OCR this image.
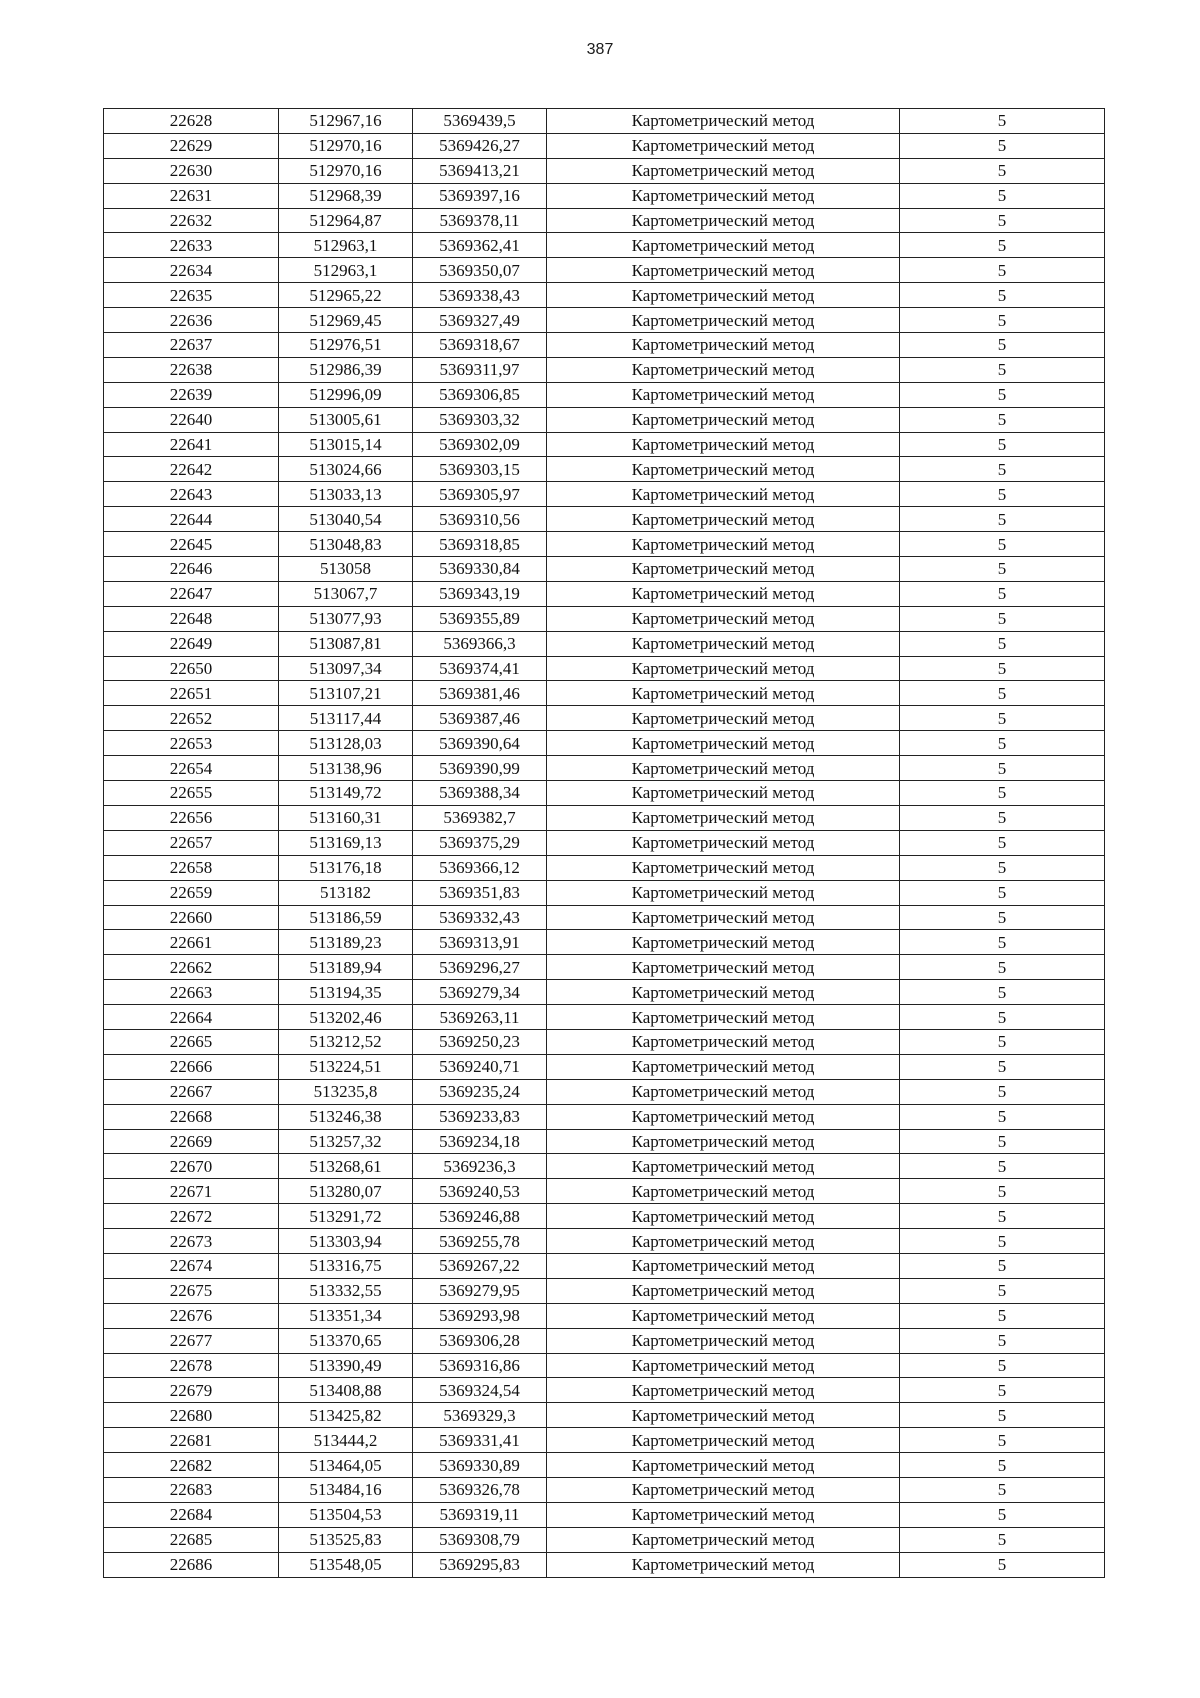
387
22628	512967,16	5369439,5	Картометрический метод	5
22629	512970,16	5369426,27	Картометрический метод	5
22630	512970,16	5369413,21	Картометрический метод	5
22631	512968,39	5369397,16	Картометрический метод	5
22632	512964,87	5369378,11	Картометрический метод	5
22633	512963,1	5369362,41	Картометрический метод	5
22634	512963,1	5369350,07	Картометрический метод	5
22635	512965,22	5369338,43	Картометрический метод	5
22636	512969,45	5369327,49	Картометрический метод	5
22637	512976,51	5369318,67	Картометрический метод	5
22638	512986,39	5369311,97	Картометрический метод	5
22639	512996,09	5369306,85	Картометрический метод	5
22640	513005,61	5369303,32	Картометрический метод	5
22641	513015,14	5369302,09	Картометрический метод	5
22642	513024,66	5369303,15	Картометрический метод	5
22643	513033,13	5369305,97	Картометрический метод	5
22644	513040,54	5369310,56	Картометрический метод	5
22645	513048,83	5369318,85	Картометрический метод	5
22646	513058	5369330,84	Картометрический метод	5
22647	513067,7	5369343,19	Картометрический метод	5
22648	513077,93	5369355,89	Картометрический метод	5
22649	513087,81	5369366,3	Картометрический метод	5
22650	513097,34	5369374,41	Картометрический метод	5
22651	513107,21	5369381,46	Картометрический метод	5
22652	513117,44	5369387,46	Картометрический метод	5
22653	513128,03	5369390,64	Картометрический метод	5
22654	513138,96	5369390,99	Картометрический метод	5
22655	513149,72	5369388,34	Картометрический метод	5
22656	513160,31	5369382,7	Картометрический метод	5
22657	513169,13	5369375,29	Картометрический метод	5
22658	513176,18	5369366,12	Картометрический метод	5
22659	513182	5369351,83	Картометрический метод	5
22660	513186,59	5369332,43	Картометрический метод	5
22661	513189,23	5369313,91	Картометрический метод	5
22662	513189,94	5369296,27	Картометрический метод	5
22663	513194,35	5369279,34	Картометрический метод	5
22664	513202,46	5369263,11	Картометрический метод	5
22665	513212,52	5369250,23	Картометрический метод	5
22666	513224,51	5369240,71	Картометрический метод	5
22667	513235,8	5369235,24	Картометрический метод	5
22668	513246,38	5369233,83	Картометрический метод	5
22669	513257,32	5369234,18	Картометрический метод	5
22670	513268,61	5369236,3	Картометрический метод	5
22671	513280,07	5369240,53	Картометрический метод	5
22672	513291,72	5369246,88	Картометрический метод	5
22673	513303,94	5369255,78	Картометрический метод	5
22674	513316,75	5369267,22	Картометрический метод	5
22675	513332,55	5369279,95	Картометрический метод	5
22676	513351,34	5369293,98	Картометрический метод	5
22677	513370,65	5369306,28	Картометрический метод	5
22678	513390,49	5369316,86	Картометрический метод	5
22679	513408,88	5369324,54	Картометрический метод	5
22680	513425,82	5369329,3	Картометрический метод	5
22681	513444,2	5369331,41	Картометрический метод	5
22682	513464,05	5369330,89	Картометрический метод	5
22683	513484,16	5369326,78	Картометрический метод	5
22684	513504,53	5369319,11	Картометрический метод	5
22685	513525,83	5369308,79	Картометрический метод	5
22686	513548,05	5369295,83	Картометрический метод	5
